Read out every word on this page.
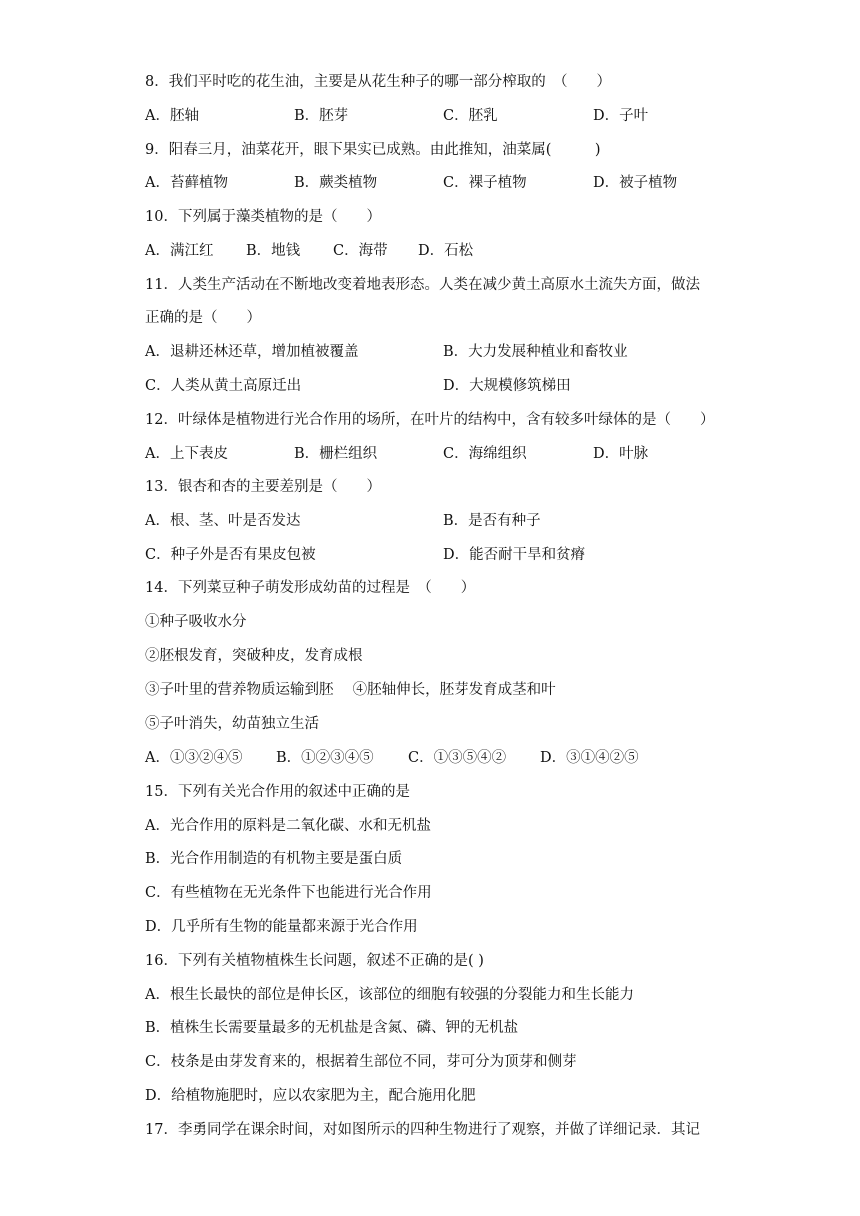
8．我们平时吃的花生油，主要是从花生种子的哪一部分榨取的　（　　）
A．胚轴	B．胚芽	C．胚乳	D．子叶
9．阳春三月，油菜花开，眼下果实已成熟。由此推知，油菜属(　　　)
A．苔藓植物	B．蕨类植物	C．裸子植物	D．被子植物
10．下列属于藻类植物的是（　　）
A．满江红 B．地钱 C．海带 D．石松
11．人类生产活动在不断地改变着地表形态。人类在减少黄土高原水土流失方面，做法
正确的是（　　）
A．退耕还林还草，增加植被覆盖	B．大力发展种植业和畜牧业
C．人类从黄土高原迁出	D．大规模修筑梯田
12．叶绿体是植物进行光合作用的场所，在叶片的结构中，含有较多叶绿体的是（　　）
A．上下表皮	B．栅栏组织	C．海绵组织	D．叶脉
13．银杏和杏的主要差别是（　　）
A．根、茎、叶是否发达	B．是否有种子
C．种子外是否有果皮包被	D．能否耐干旱和贫瘠
14．下列菜豆种子萌发形成幼苗的过程是　（　　）
①种子吸收水分
②胚根发育，突破种皮，发育成根
③子叶里的营养物质运输到胚　 ④胚轴伸长，胚芽发育成茎和叶
⑤子叶消失，幼苗独立生活
A．①③②④⑤ B．①②③④⑤ C．①③⑤④② D．③①④②⑤
15．下列有关光合作用的叙述中正确的是
A．光合作用的原料是二氧化碳、水和无机盐
B．光合作用制造的有机物主要是蛋白质
C．有些植物在无光条件下也能进行光合作用
D．几乎所有生物的能量都来源于光合作用
16．下列有关植物植株生长问题，叙述不正确的是( )
A．根生长最快的部位是伸长区，该部位的细胞有较强的分裂能力和生长能力
B．植株生长需要量最多的无机盐是含氮、磷、钾的无机盐
C．枝条是由芽发育来的，根据着生部位不同，芽可分为顶芽和侧芽
D．给植物施肥时，应以农家肥为主，配合施用化肥
17．李勇同学在课余时间，对如图所示的四种生物进行了观察，并做了详细记录．其记
